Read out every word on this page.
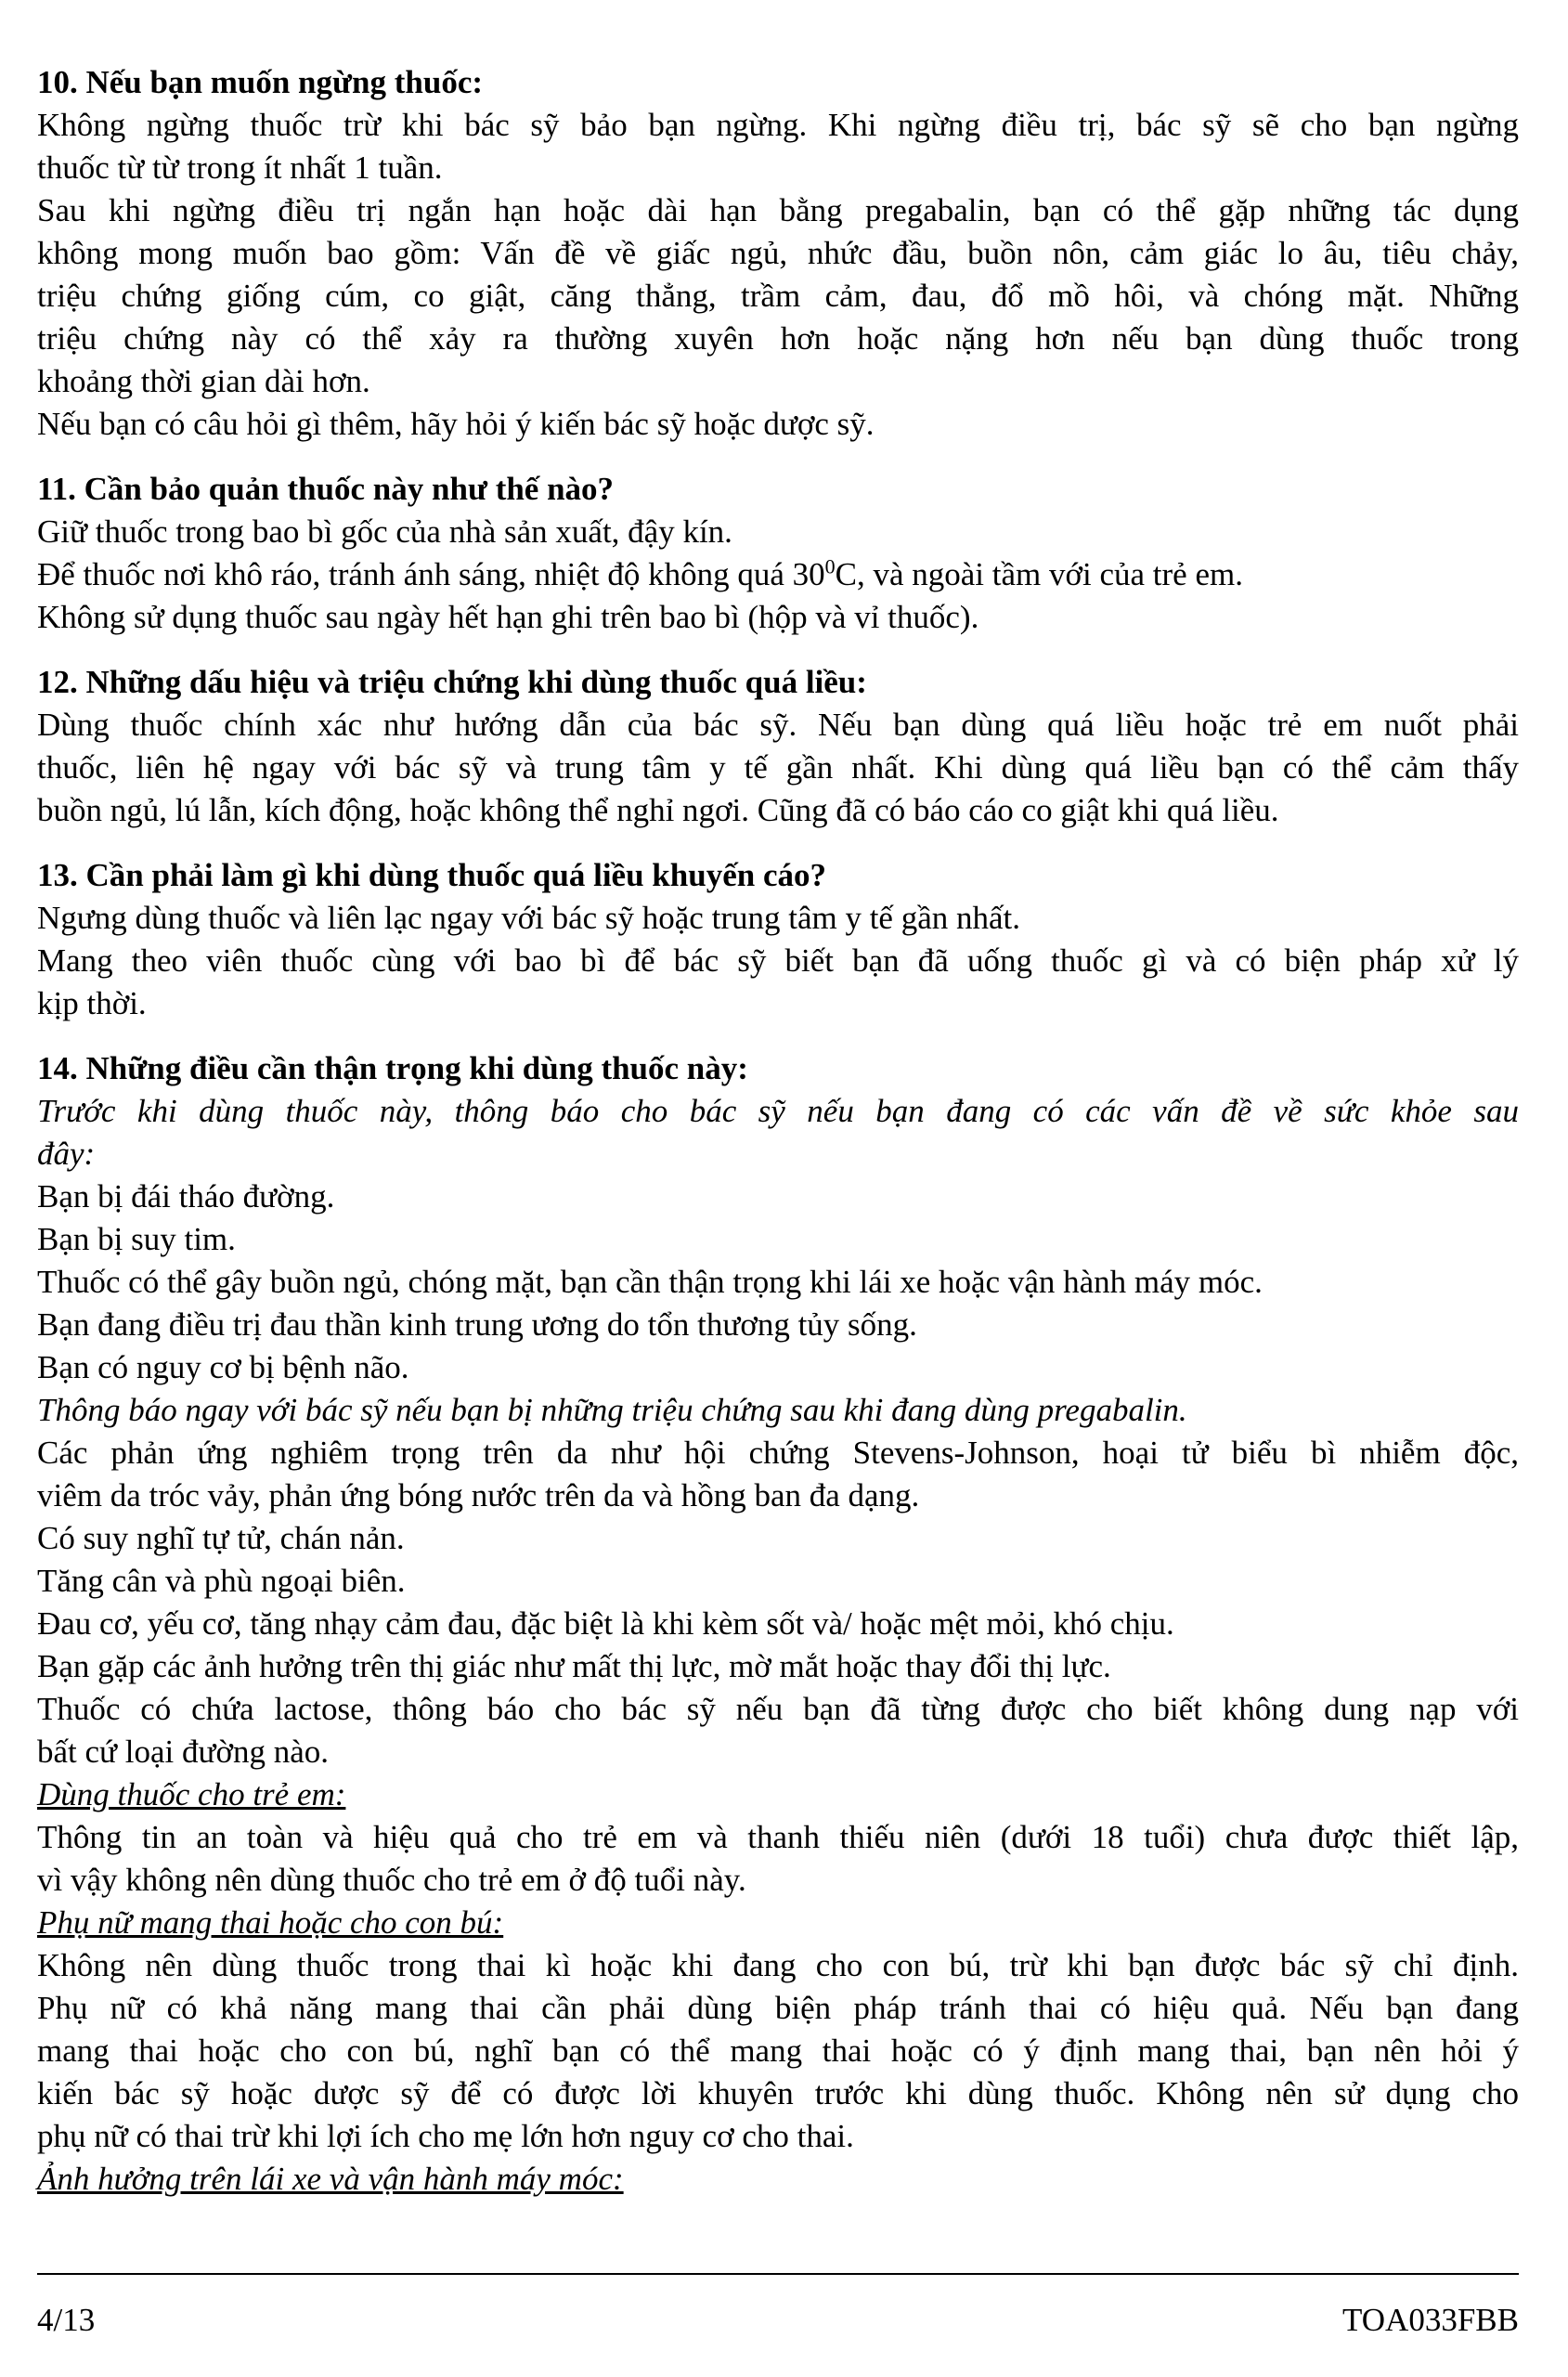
10. Nếu bạn muốn ngừng thuốc:
Không ngừng thuốc trừ khi bác sỹ bảo bạn ngừng. Khi ngừng điều trị, bác sỹ sẽ cho bạn ngừng
thuốc từ từ trong ít nhất 1 tuần.
Sau khi ngừng điều trị ngắn hạn hoặc dài hạn bằng pregabalin, bạn có thể gặp những tác dụng
không mong muốn bao gồm: Vấn đề về giấc ngủ, nhức đầu, buồn nôn, cảm giác lo âu, tiêu chảy,
triệu chứng giống cúm, co giật, căng thẳng, trầm cảm, đau, đổ mồ hôi, và chóng mặt. Những
triệu chứng này có thể xảy ra thường xuyên hơn hoặc nặng hơn nếu bạn dùng thuốc trong
khoảng thời gian dài hơn.
Nếu bạn có câu hỏi gì thêm, hãy hỏi ý kiến bác sỹ hoặc dược sỹ.
11. Cần bảo quản thuốc này như thế nào?
Giữ thuốc trong bao bì gốc của nhà sản xuất, đậy kín.
Để thuốc nơi khô ráo, tránh ánh sáng, nhiệt độ không quá $30^0C$, và ngoài tầm với của trẻ em.
Không sử dụng thuốc sau ngày hết hạn ghi trên bao bì (hộp và vỉ thuốc).
12. Những dấu hiệu và triệu chứng khi dùng thuốc quá liều:
Dùng thuốc chính xác như hướng dẫn của bác sỹ. Nếu bạn dùng quá liều hoặc trẻ em nuốt phải
thuốc, liên hệ ngay với bác sỹ và trung tâm y tế gần nhất. Khi dùng quá liều bạn có thể cảm thấy
buồn ngủ, lú lẫn, kích động, hoặc không thể nghỉ ngơi. Cũng đã có báo cáo co giật khi quá liều.
13. Cần phải làm gì khi dùng thuốc quá liều khuyến cáo?
Ngưng dùng thuốc và liên lạc ngay với bác sỹ hoặc trung tâm y tế gần nhất.
Mang theo viên thuốc cùng với bao bì để bác sỹ biết bạn đã uống thuốc gì và có biện pháp xử lý
kịp thời.
14. Những điều cần thận trọng khi dùng thuốc này:
Trước khi dùng thuốc này, thông báo cho bác sỹ nếu bạn đang có các vấn đề về sức khỏe sau
đây:
Bạn bị đái tháo đường.
Bạn bị suy tim.
Thuốc có thể gây buồn ngủ, chóng mặt, bạn cần thận trọng khi lái xe hoặc vận hành máy móc.
Bạn đang điều trị đau thần kinh trung ương do tổn thương tủy sống.
Bạn có nguy cơ bị bệnh não.
Thông báo ngay với bác sỹ nếu bạn bị những triệu chứng sau khi đang dùng pregabalin.
Các phản ứng nghiêm trọng trên da như hội chứng Stevens-Johnson, hoại tử biểu bì nhiễm độc,
viêm da tróc vảy, phản ứng bóng nước trên da và hồng ban đa dạng.
Có suy nghĩ tự tử, chán nản.
Tăng cân và phù ngoại biên.
Đau cơ, yếu cơ, tăng nhạy cảm đau, đặc biệt là khi kèm sốt và/ hoặc mệt mỏi, khó chịu.
Bạn gặp các ảnh hưởng trên thị giác như mất thị lực, mờ mắt hoặc thay đổi thị lực.
Thuốc có chứa lactose, thông báo cho bác sỹ nếu bạn đã từng được cho biết không dung nạp với
bất cứ loại đường nào.
Dùng thuốc cho trẻ em:
Thông tin an toàn và hiệu quả cho trẻ em và thanh thiếu niên (dưới 18 tuổi) chưa được thiết lập,
vì vậy không nên dùng thuốc cho trẻ em ở độ tuổi này.
Phụ nữ mang thai hoặc cho con bú:
Không nên dùng thuốc trong thai kì hoặc khi đang cho con bú, trừ khi bạn được bác sỹ chỉ định.
Phụ nữ có khả năng mang thai cần phải dùng biện pháp tránh thai có hiệu quả. Nếu bạn đang
mang thai hoặc cho con bú, nghĩ bạn có thể mang thai hoặc có ý định mang thai, bạn nên hỏi ý
kiến bác sỹ hoặc dược sỹ để có được lời khuyên trước khi dùng thuốc. Không nên sử dụng cho
phụ nữ có thai trừ khi lợi ích cho mẹ lớn hơn nguy cơ cho thai.
Ảnh hưởng trên lái xe và vận hành máy móc:
4/13	TOA033FBB
